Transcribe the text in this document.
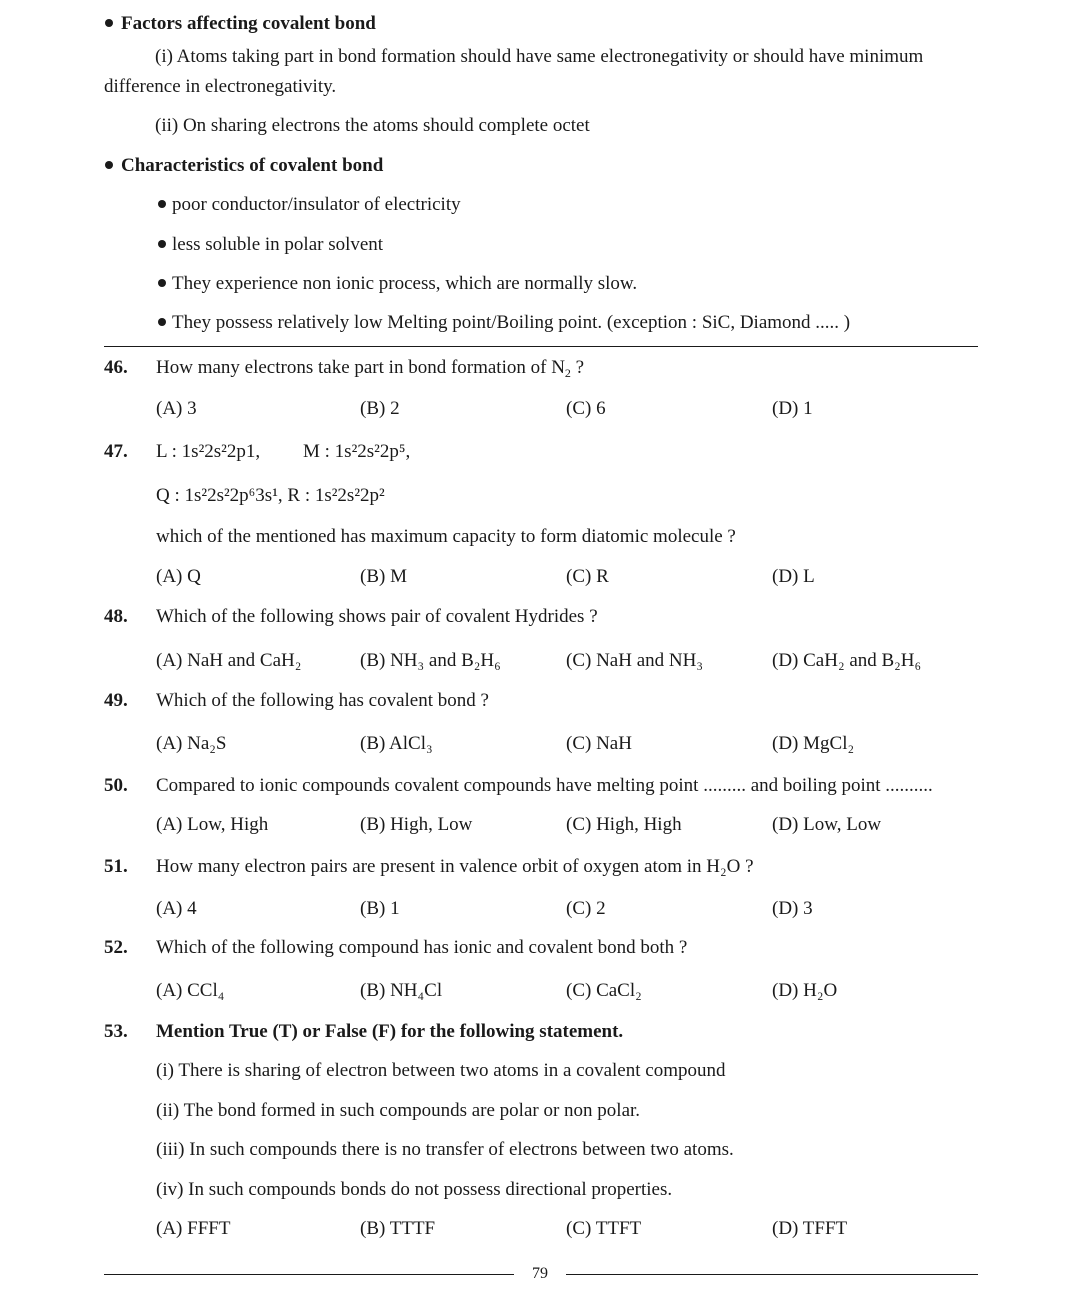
Factors affecting covalent bond
(i) Atoms taking part in bond formation should have same electronegativity or should have minimum
difference in electronegativity.
(ii) On sharing electrons the atoms should complete octet
Characteristics of covalent bond
poor conductor/insulator of electricity
less soluble in polar solvent
They experience non ionic process, which are normally slow.
They possess relatively low Melting point/Boiling point. (exception : SiC, Diamond ..... )
46. How many electrons take part in bond formation of $N_2$ ?
(A) 3	(B) 2	(C) 6	(D) 1
47. L : 1s²2s²2p1, M : 1s²2s²2p⁵,
Q : 1s²2s²2p⁶3s¹, R : 1s²2s²2p²
which of the mentioned has maximum capacity to form diatomic molecule ?
(A) Q	(B) M	(C) R	(D) L
48. Which of the following shows pair of covalent Hydrides ?
(A) NaH and CaH₂	(B) NH₃ and B₂H₆	(C) NaH and NH₃	(D) CaH₂ and B₂H₆
49. Which of the following has covalent bond ?
(A) Na₂S	(B) AlCl₃	(C) NaH	(D) MgCl₂
50. Compared to ionic compounds covalent compounds have melting point ......... and boiling point ..........
(A) Low, High	(B) High, Low	(C) High, High	(D) Low, Low
51. How many electron pairs are present in valence orbit of oxygen atom in H₂O ?
(A) 4	(B) 1	(C) 2	(D) 3
52. Which of the following compound has ionic and covalent bond both ?
(A) CCl₄	(B) NH₄Cl	(C) CaCl₂	(D) H₂O
53. Mention True (T) or False (F) for the following statement.
(i) There is sharing of electron between two atoms in a covalent compound
(ii) The bond formed in such compounds are polar or non polar.
(iii) In such compounds there is no transfer of electrons between two atoms.
(iv) In such compounds bonds do not possess directional properties.
(A) FFFT	(B) TTTF	(C) TTFT	(D) TFFT
79
